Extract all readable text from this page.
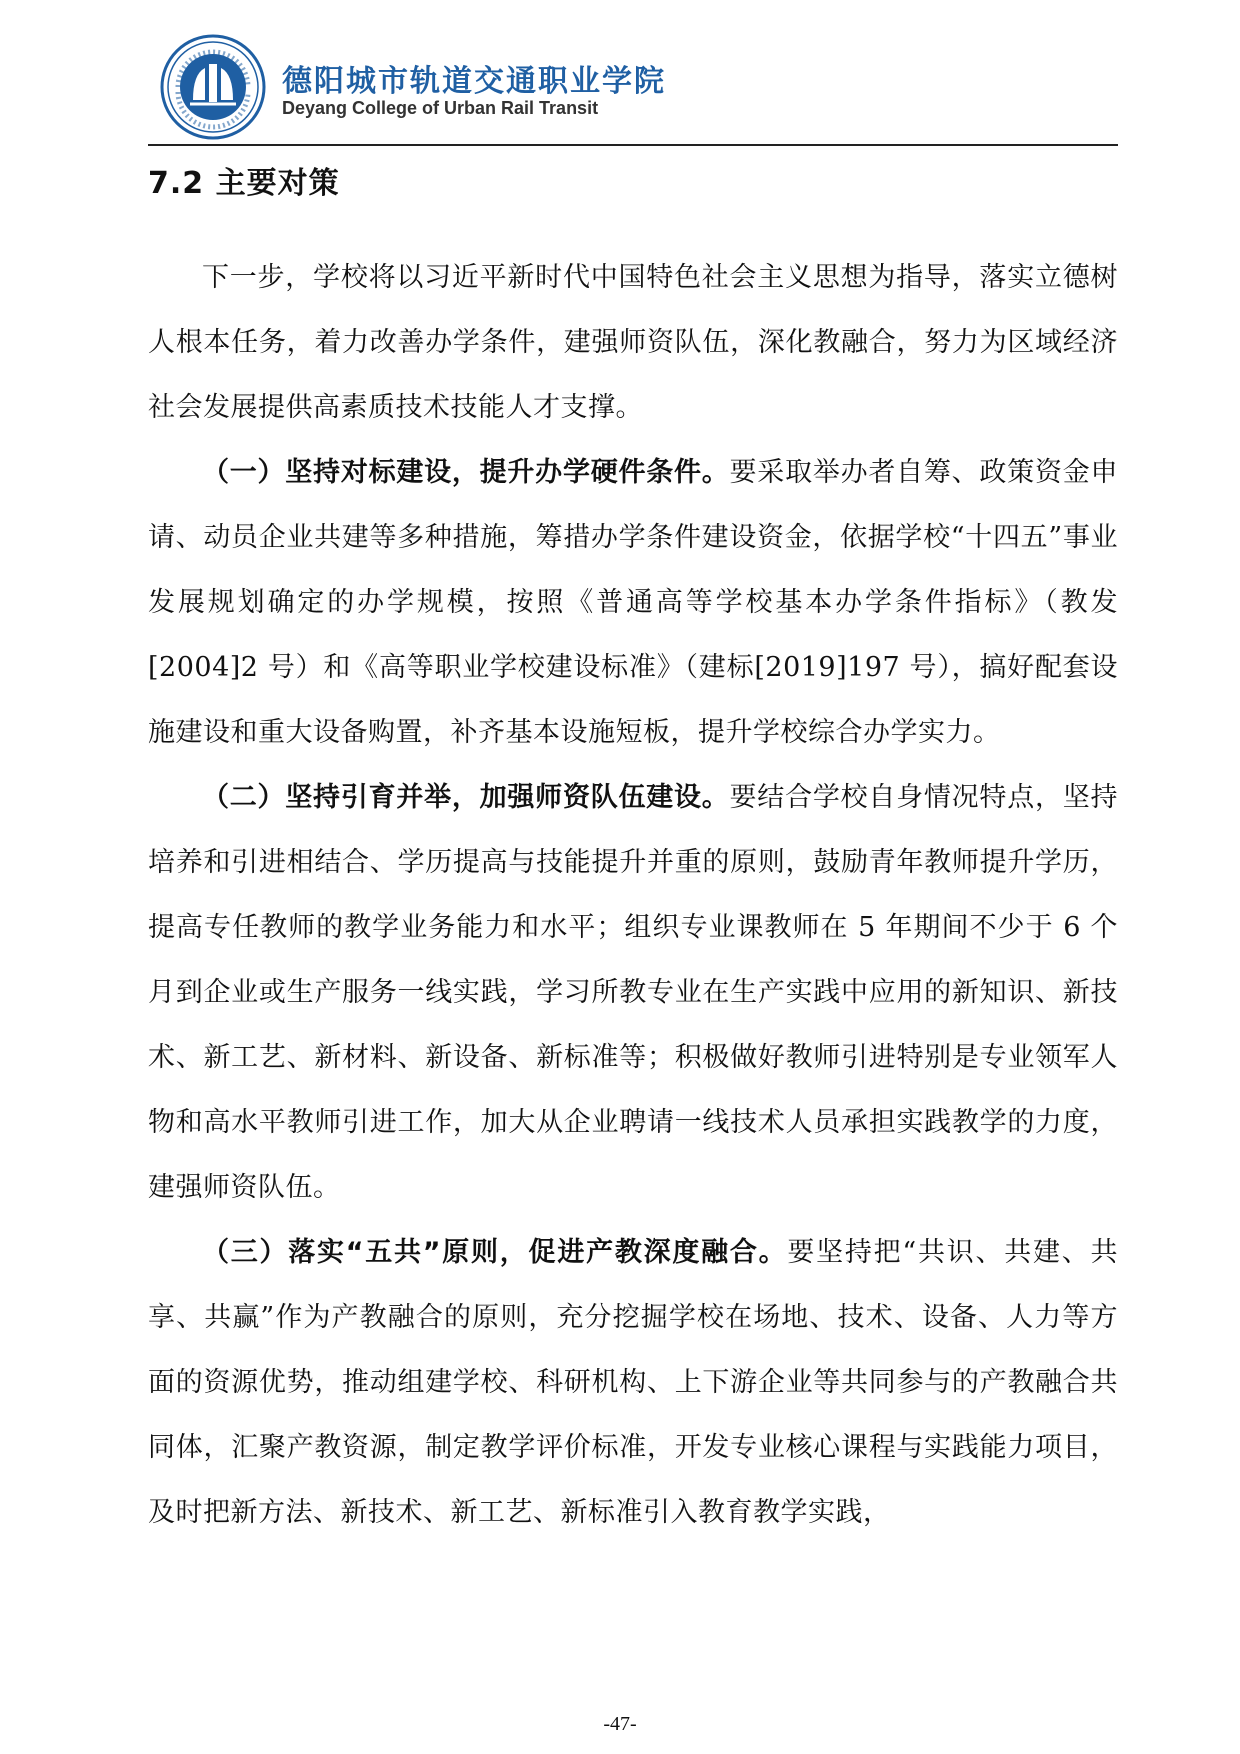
德阳城市轨道交通职业学院
Deyang College of Urban Rail Transit
7.2 主要对策

下一步，学校将以习近平新时代中国特色社会主义思想为指导，落实立德树人根本任务，着力改善办学条件，建强师资队伍，深化教融合，努力为区域经济社会发展提供高素质技术技能人才支撑。

（一）坚持对标建设，提升办学硬件条件。要采取举办者自筹、政策资金申请、动员企业共建等多种措施，筹措办学条件建设资金，依据学校“十四五”事业发展规划确定的办学规模，按照《普通高等学校基本办学条件指标》（教发[2004]2 号）和《高等职业学校建设标准》（建标[2019]197 号），搞好配套设施建设和重大设备购置，补齐基本设施短板，提升学校综合办学实力。

（二）坚持引育并举，加强师资队伍建设。要结合学校自身情况特点，坚持培养和引进相结合、学历提高与技能提升并重的原则，鼓励青年教师提升学历，提高专任教师的教学业务能力和水平；组织专业课教师在 5 年期间不少于 6 个月到企业或生产服务一线实践，学习所教专业在生产实践中应用的新知识、新技术、新工艺、新材料、新设备、新标准等；积极做好教师引进特别是专业领军人物和高水平教师引进工作，加大从企业聘请一线技术人员承担实践教学的力度，建强师资队伍。

（三）落实“五共”原则，促进产教深度融合。要坚持把“共识、共建、共享、共赢”作为产教融合的原则，充分挖掘学校在场地、技术、设备、人力等方面的资源优势，推动组建学校、科研机构、上下游企业等共同参与的产教融合共同体，汇聚产教资源，制定教学评价标准，开发专业核心课程与实践能力项目，及时把新方法、新技术、新工艺、新标准引入教育教学实践，

-47-
